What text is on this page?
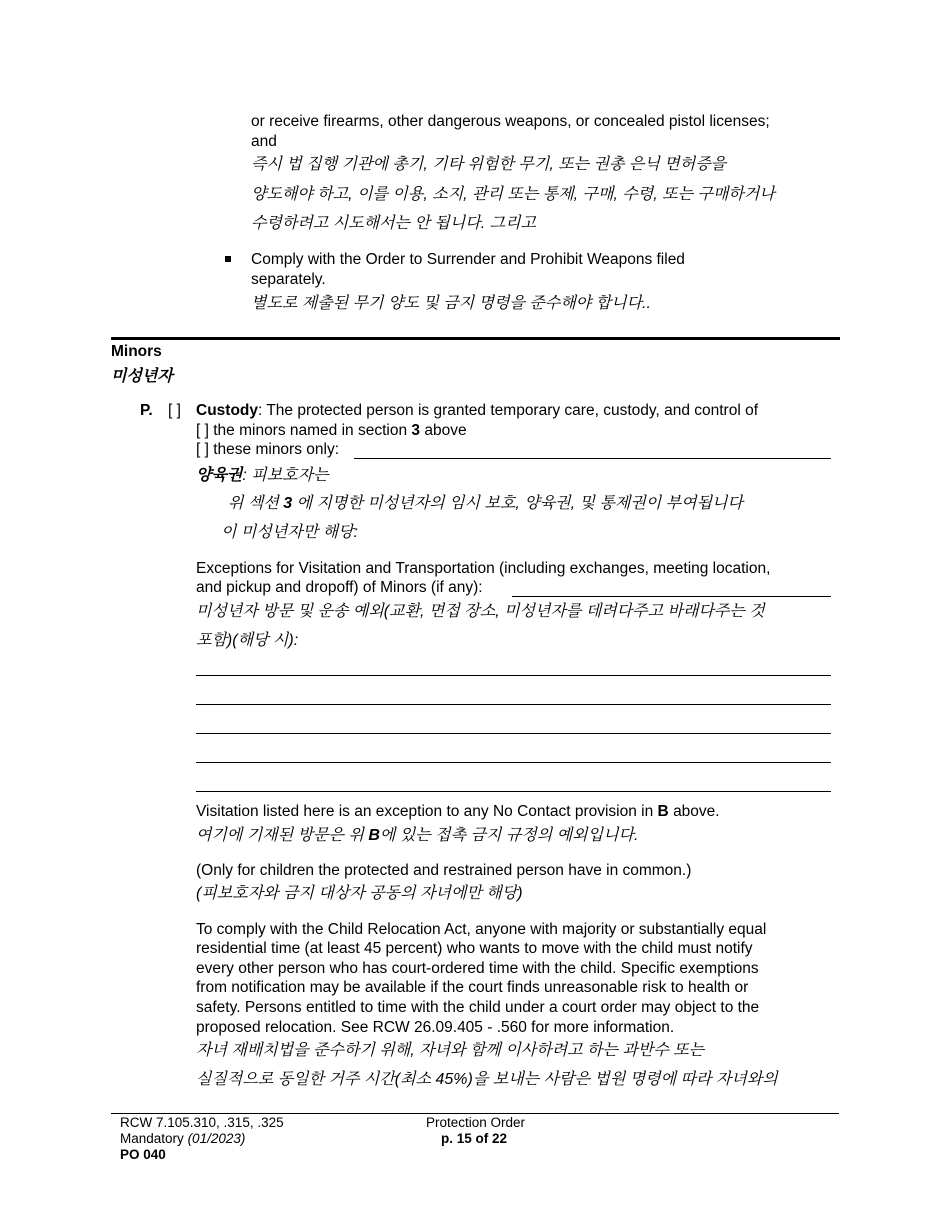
or receive firearms, other dangerous weapons, or concealed pistol licenses;
and
즉시 법 집행 기관에 총기, 기타 위험한 무기, 또는 권총 은닉 면허증을
양도해야 하고, 이를 이용, 소지, 관리 또는 통제, 구매, 수령, 또는 구매하거나
수령하려고 시도해서는 안 됩니다. 그리고
Comply with the Order to Surrender and Prohibit Weapons filed
separately.
별도로 제출된 무기 양도 및 금지 명령을 준수해야 합니다..
Minors
미성년자
P. [ ] Custody: The protected person is granted temporary care, custody, and control of
[ ] the minors named in section 3 above
[ ] these minors only:
양육권: 피보호자는
위 섹션 3 에 지명한 미성년자의 임시 보호, 양육권, 및 통제권이 부여됩니다
이 미성년자만 해당:
Exceptions for Visitation and Transportation (including exchanges, meeting location,
and pickup and dropoff) of Minors (if any):
미성년자 방문 및 운송 예외(교환, 면접 장소, 미성년자를 데려다주고 바래다주는 것
포함)(해당 시):
Visitation listed here is an exception to any No Contact provision in B above.
여기에 기재된 방문은 위 B에 있는 접촉 금지 규정의 예외입니다.
(Only for children the protected and restrained person have in common.)
(피보호자와 금지 대상자 공동의 자녀에만 해당)
To comply with the Child Relocation Act, anyone with majority or substantially equal
residential time (at least 45 percent) who wants to move with the child must notify
every other person who has court-ordered time with the child. Specific exemptions
from notification may be available if the court finds unreasonable risk to health or
safety. Persons entitled to time with the child under a court order may object to the
proposed relocation. See RCW 26.09.405 - .560 for more information.
자녀 재배치법을 준수하기 위해, 자녀와 함께 이사하려고 하는 과반수 또는
실질적으로 동일한 거주 시간(최소 45%)을 보내는 사람은 법원 명령에 따라 자녀와의
RCW 7.105.310, .315, .325
Mandatory (01/2023)
PO 040
Protection Order
p. 15 of 22
